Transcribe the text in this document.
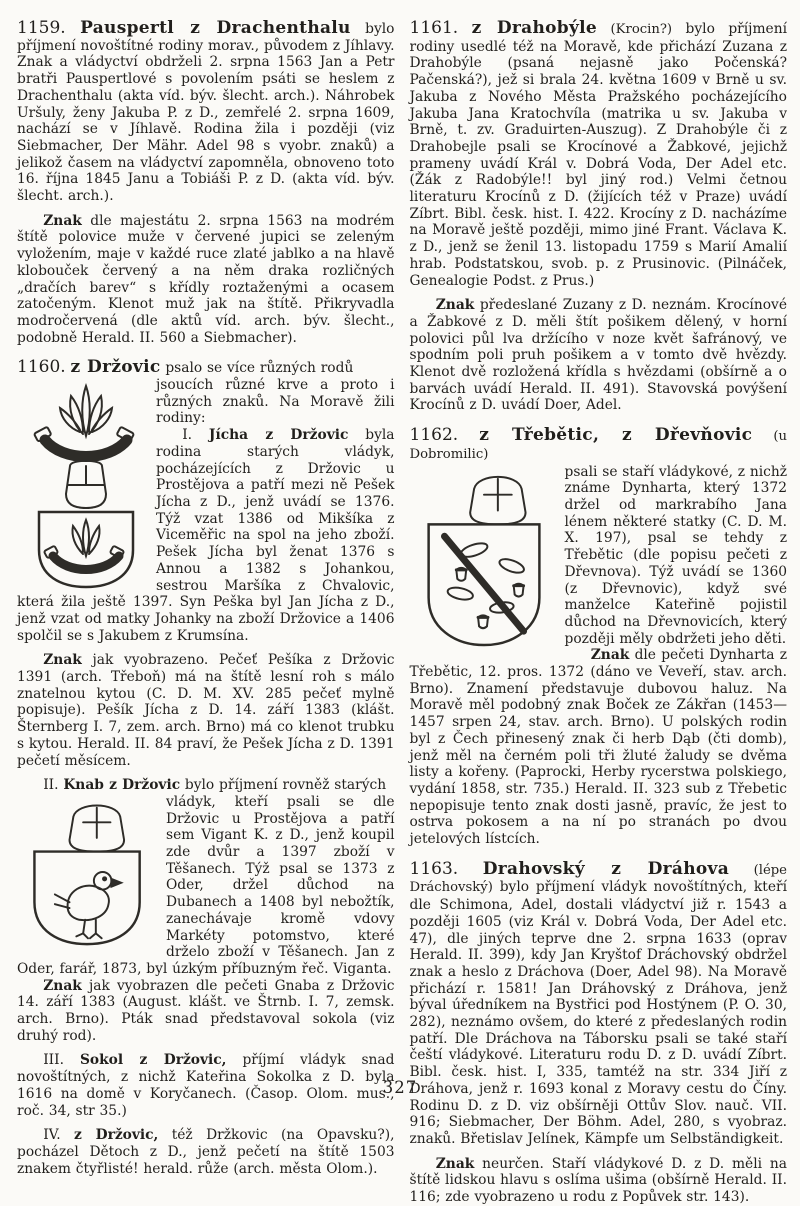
1159. Pauspertl z Drachenthalu bylo příjmení novoštítné rodiny morav., původem z Jíhlavy. Znak a vládyctví obdrželi 2. srpna 1563 Jan a Petr bratři Pauspertlové s povolením psáti se heslem z Drachenthalu (akta víd. býv. šlecht. arch.). Náhrobek Uršuly, ženy Jakuba P. z D., zemřelé 2. srpna 1609, nachází se v Jíhlavě. Rodina žila i později (viz Siebmacher, Der Mähr. Adel 98 s vyobr. znaků) a jelikož časem na vládyctví zapomněla, obnoveno toto 16. října 1845 Janu a Tobiáši P. z D. (akta víd. býv. šlecht. arch.).

Znak dle majestátu 2. srpna 1563 na modrém štítě polovice muže v červené jupici se zeleným vyložením, maje v každé ruce zlaté jablko a na hlavě klobouček červený a na něm draka rozličných „dračích barev“ s křídly roztaženými a ocasem zatočeným. Klenot muž jak na štítě. Přikryvadla modročervená (dle aktů víd. arch. býv. šlecht., podobně Herald. II. 560 a Siebmacher).

1160. z Držovic psalo se více různých rodů

jsoucích různé krve a proto i různých znaků. Na Moravě žili rodiny:

I. Jícha z Držovic byla rodina starých vládyk, pocházejících z Držovic u Prostějova a patří mezi ně Pešek Jícha z D., jenž uvádí se 1376. Týž vzat 1386 od Mikšíka z Viceměřic na spol na jeho zboží. Pešek Jícha byl ženat 1376 s Annou a 1382 s Johankou, sestrou Maršíka z Chvalovic, která žila ještě 1397. Syn Peška byl Jan Jícha z D., jenž vzat od matky Johanky na zboží Držovice a 1406 spolčil se s Jakubem z Krumsína.

Znak jak vyobrazeno. Pečeť Pešíka z Držovic 1391 (arch. Třeboň) má na štítě lesní roh s málo znatelnou kytou (C. D. M. XV. 285 pečeť mylně popisuje). Pešík Jícha z D. 14. září 1383 (klášt. Šternberg I. 7, zem. arch. Brno) má co klenot trubku s kytou. Herald. II. 84 praví, že Pešek Jícha z D. 1391 pečetí měsícem.

II. Knab z Držovic bylo příjmení rovněž starých

vládyk, kteří psali se dle Držovic u Prostějova a patří sem Vigant K. z D., jenž koupil zde dvůr a 1397 zboží v Těšanech. Týž psal se 1373 z Oder, držel důchod na Dubanech a 1408 byl nebožtík, zanechávaje kromě vdovy Markéty potomstvo, které drželo zboží v Těšanech. Jan z Oder, farář, 1873, byl úzkým příbuzným řeč. Viganta.

Znak jak vyobrazen dle pečeti Gnaba z Držovic 14. září 1383 (August. klášt. ve Štrnb. I. 7, zemsk. arch. Brno). Pták snad představoval sokola (viz druhý rod).

III. Sokol z Držovic, příjmí vládyk snad novoštítných, z nichž Kateřina Sokolka z D. byla 1616 na domě v Koryčanech. (Časop. Olom. mus., roč. 34, str 35.)

IV. z Držovic, též Držkovic (na Opavsku?), pocházel Dětoch z D., jenž pečetí na štítě 1503 znakem čtyřlisté! herald. růže (arch. města Olom.).

1161. z Drahobýle (Krocin?) bylo příjmení rodiny usedlé též na Moravě, kde přichází Zuzana z Drahobýle (psaná nejasně jako Počenská? Pačenská?), jež si brala 24. května 1609 v Brně u sv. Jakuba z Nového Města Pražského pocházejícího Jakuba Jana Kratochvíla (matrika u sv. Jakuba v Brně, t. zv. Graduirten-Auszug). Z Drahobýle či z Drahobejle psali se Krocínové a Žabkové, jejichž prameny uvádí Král v. Dobrá Voda, Der Adel etc. (Žák z Radobýle!! byl jiný rod.) Velmi četnou literaturu Krocínů z D. (žijících též v Praze) uvádí Zíbrt. Bibl. česk. hist. I. 422. Krocíny z D. nacházíme na Moravě ještě později, mimo jiné Frant. Václava K. z D., jenž se ženil 13. listopadu 1759 s Marií Amalií hrab. Podstatskou, svob. p. z Prusinovic. (Pilnáček, Genealogie Podst. z Prus.)

Znak předeslané Zuzany z D. neznám. Krocínové a Žabkové z D. měli štít pošikem dělený, v horní polovici půl lva držícího v noze květ šafránový, ve spodním poli pruh pošikem a v tomto dvě hvězdy. Klenot dvě rozložená křídla s hvězdami (obšírně a o barvách uvádí Herald. II. 491). Stavovská povýšení Krocínů z D. uvádí Doer, Adel.

1162. z Třebětic, z Dřevňovic (u Dobromilic)

psali se staří vládykové, z nichž známe Dynharta, který 1372 držel od markrabího Jana lénem některé statky (C. D. M. X. 197), psal se tehdy z Třebětic (dle popisu pečeti z Dřevnova). Týž uvádí se 1360 (z Dřevnovic), když své manželce Kateřině pojistil důchod na Dřevnovicích, který později měly obdržeti jeho děti.

Znak dle pečeti Dynharta z Třebětic, 12. pros. 1372 (dáno ve Veveří, stav. arch. Brno). Znamení představuje dubovou haluz. Na Moravě měl podobný znak Boček ze Zákřan (1453—1457 srpen 24, stav. arch. Brno). U polských rodin byl z Čech přinesený znak či herb Dąb (čti domb), jenž měl na černém poli tři žluté žaludy se dvěma listy a kořeny. (Paprocki, Herby rycerstwa polskiego, vydání 1858, str. 735.) Herald. II. 323 sub z Třebetic nepopisuje tento znak dosti jasně, pravíc, že jest to ostrva pokosem a na ní po stranách po dvou jetelových lístcích.

1163. Drahovský z Dráhova (lépe Dráchovský) bylo příjmení vládyk novoštítných, kteří dle Schimona, Adel, dostali vládyctví již r. 1543 a později 1605 (viz Král v. Dobrá Voda, Der Adel etc. 47), dle jiných teprve dne 2. srpna 1633 (oprav Herald. II. 399), kdy Jan Kryštof Dráchovský obdržel znak a heslo z Dráchova (Doer, Adel 98). Na Moravě přichází r. 1581! Jan Dráhovský z Dráhova, jenž býval úředníkem na Bystřici pod Hostýnem (P. O. 30, 282), neznámo ovšem, do které z předeslaných rodin patří. Dle Dráchova na Táborsku psali se také staří čeští vládykové. Literaturu rodu D. z D. uvádí Zíbrt. Bibl. česk. hist. I, 335, tamtéž na str. 334 Jiří z Dráhova, jenž r. 1693 konal z Moravy cestu do Číny. Rodinu D. z D. viz obšírněji Ottův Slov. nauč. VII. 916; Siebmacher, Der Böhm. Adel, 280, s vyobraz. znaků. Břetislav Jelínek, Kämpfe um Selbständigkeit.

Znak neurčen. Staří vládykové D. z D. měli na štítě lidskou hlavu s oslíma ušima (obšírně Herald. II. 116; zde vyobrazeno u rodu z Popůvek str. 143).

327
